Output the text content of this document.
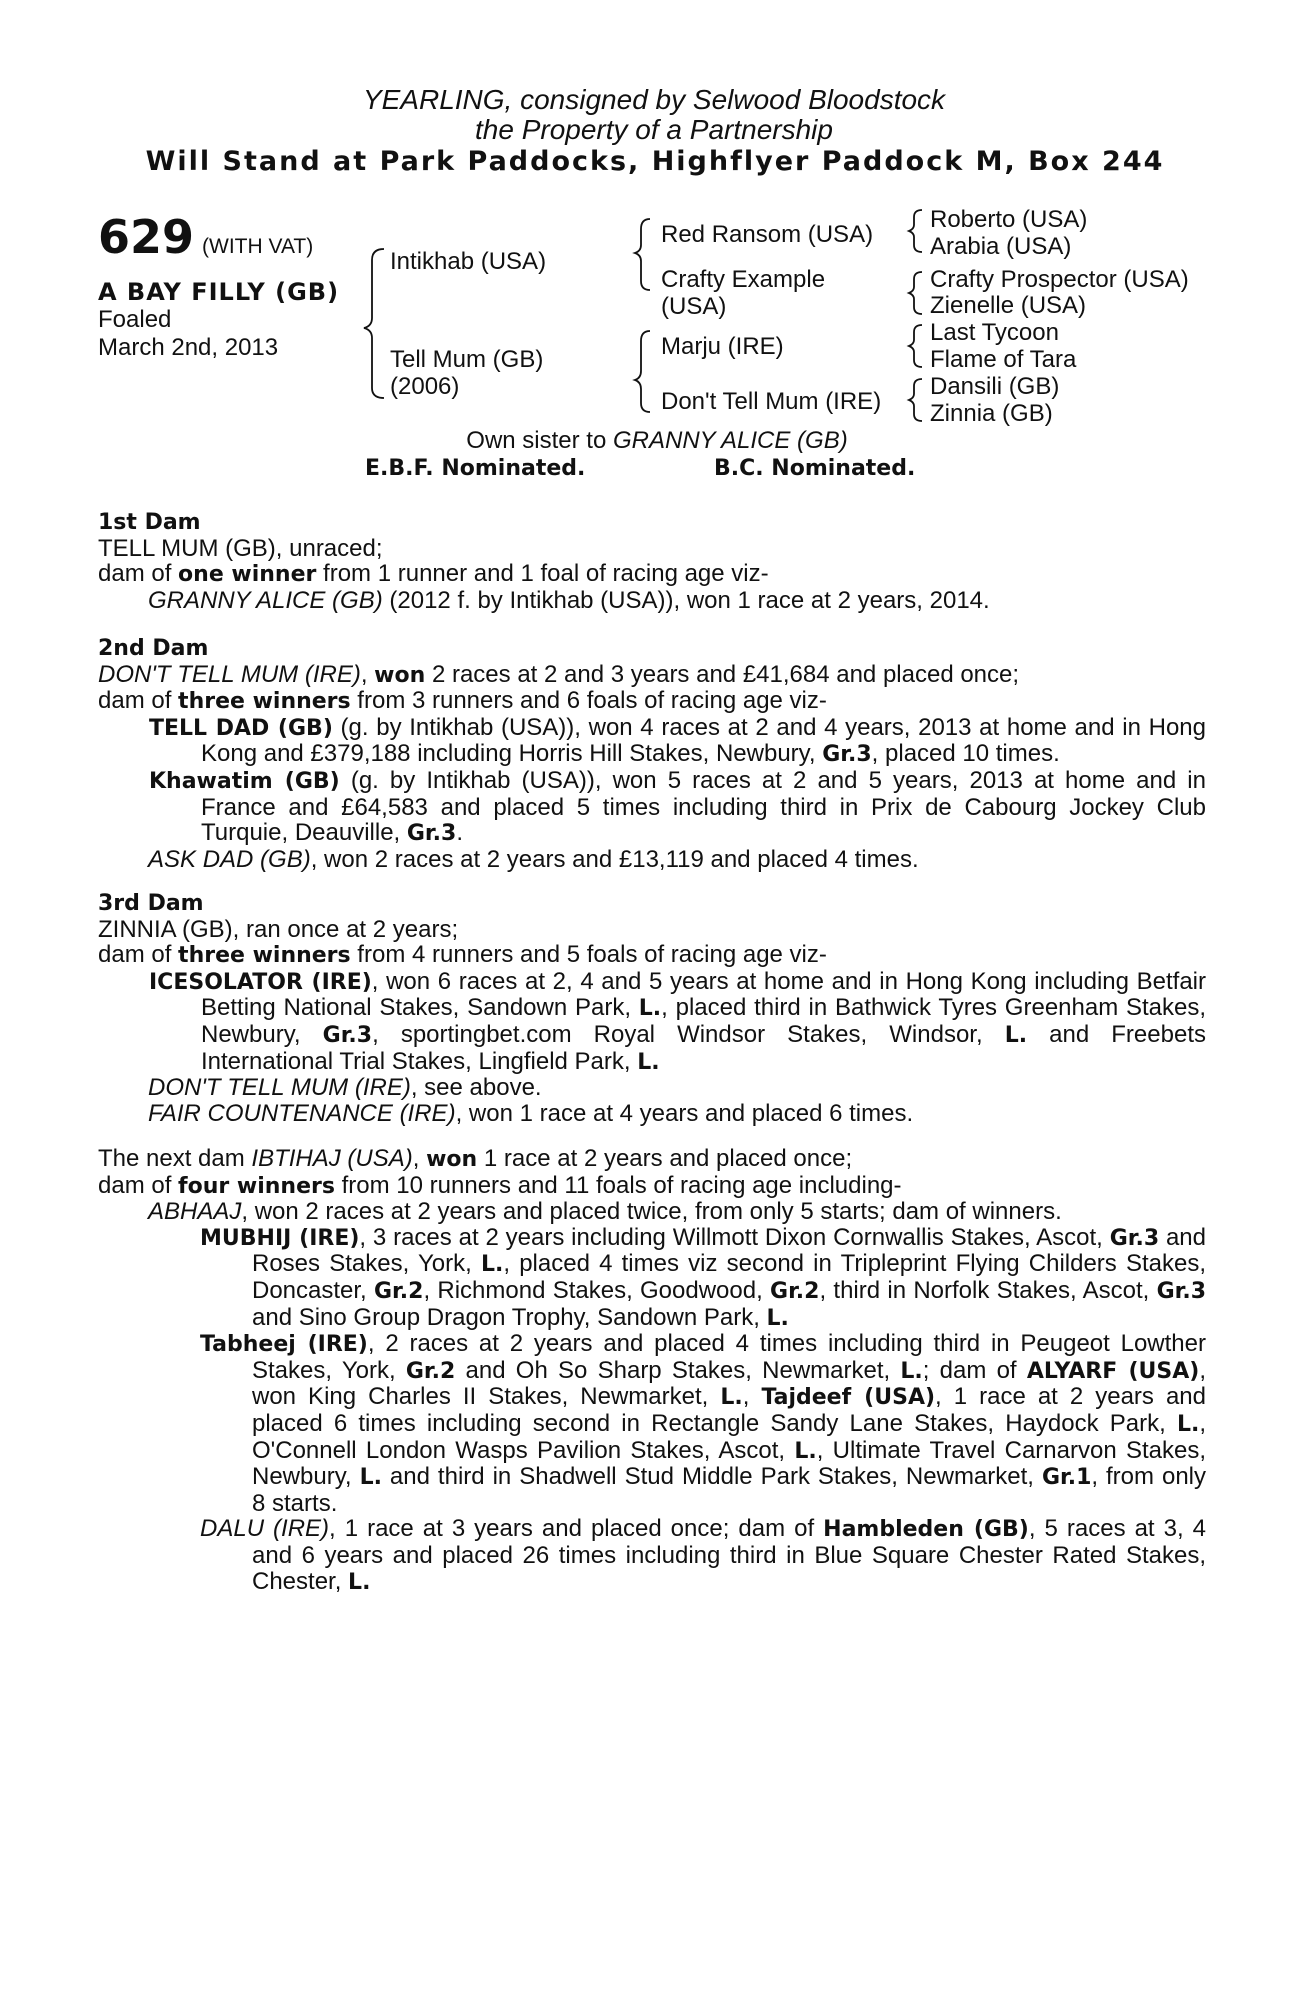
YEARLING, consigned by Selwood Bloodstock
the Property of a Partnership
Will Stand at Park Paddocks, Highflyer Paddock M, Box 244
629 (WITH VAT)
A BAY FILLY (GB)
Foaled
March 2nd, 2013
Intikhab (USA)
Tell Mum (GB)
(2006)
Red Ransom (USA)
Crafty Example
(USA)
Marju (IRE)
Don't Tell Mum (IRE)
Roberto (USA)
Arabia (USA)
Crafty Prospector (USA)
Zienelle (USA)
Last Tycoon
Flame of Tara
Dansili (GB)
Zinnia (GB)
Own sister to GRANNY ALICE (GB)
E.B.F. Nominated.	B.C. Nominated.

1st Dam

TELL MUM (GB), unraced;

dam of one winner from 1 runner and 1 foal of racing age viz-

GRANNY ALICE (GB) (2012 f. by Intikhab (USA)), won 1 race at 2 years, 2014.

2nd Dam

DON'T TELL MUM (IRE), won 2 races at 2 and 3 years and £41,684 and placed once;

dam of three winners from 3 runners and 6 foals of racing age viz-

TELL DAD (GB) (g. by Intikhab (USA)), won 4 races at 2 and 4 years, 2013 at home and in Hong Kong and £379,188 including Horris Hill Stakes, Newbury, Gr.3, placed 10 times.

Khawatim (GB) (g. by Intikhab (USA)), won 5 races at 2 and 5 years, 2013 at home and in France and £64,583 and placed 5 times including third in Prix de Cabourg Jockey Club Turquie, Deauville, Gr.3.

ASK DAD (GB), won 2 races at 2 years and £13,119 and placed 4 times.

3rd Dam

ZINNIA (GB), ran once at 2 years;

dam of three winners from 4 runners and 5 foals of racing age viz-

ICESOLATOR (IRE), won 6 races at 2, 4 and 5 years at home and in Hong Kong including Betfair Betting National Stakes, Sandown Park, L., placed third in Bathwick Tyres Greenham Stakes, Newbury, Gr.3, sportingbet.com Royal Windsor Stakes, Windsor, L. and Freebets International Trial Stakes, Lingfield Park, L.

DON'T TELL MUM (IRE), see above.

FAIR COUNTENANCE (IRE), won 1 race at 4 years and placed 6 times.

The next dam IBTIHAJ (USA), won 1 race at 2 years and placed once;

dam of four winners from 10 runners and 11 foals of racing age including-

ABHAAJ, won 2 races at 2 years and placed twice, from only 5 starts; dam of winners.

MUBHIJ (IRE), 3 races at 2 years including Willmott Dixon Cornwallis Stakes, Ascot, Gr.3 and Roses Stakes, York, L., placed 4 times viz second in Tripleprint Flying Childers Stakes, Doncaster, Gr.2, Richmond Stakes, Goodwood, Gr.2, third in Norfolk Stakes, Ascot, Gr.3 and Sino Group Dragon Trophy, Sandown Park, L.

Tabheej (IRE), 2 races at 2 years and placed 4 times including third in Peugeot Lowther Stakes, York, Gr.2 and Oh So Sharp Stakes, Newmarket, L.; dam of ALYARF (USA), won King Charles II Stakes, Newmarket, L., Tajdeef (USA), 1 race at 2 years and placed 6 times including second in Rectangle Sandy Lane Stakes, Haydock Park, L., O'Connell London Wasps Pavilion Stakes, Ascot, L., Ultimate Travel Carnarvon Stakes, Newbury, L. and third in Shadwell Stud Middle Park Stakes, Newmarket, Gr.1, from only 8 starts.

DALU (IRE), 1 race at 3 years and placed once; dam of Hambleden (GB), 5 races at 3, 4 and 6 years and placed 26 times including third in Blue Square Chester Rated Stakes, Chester, L.
